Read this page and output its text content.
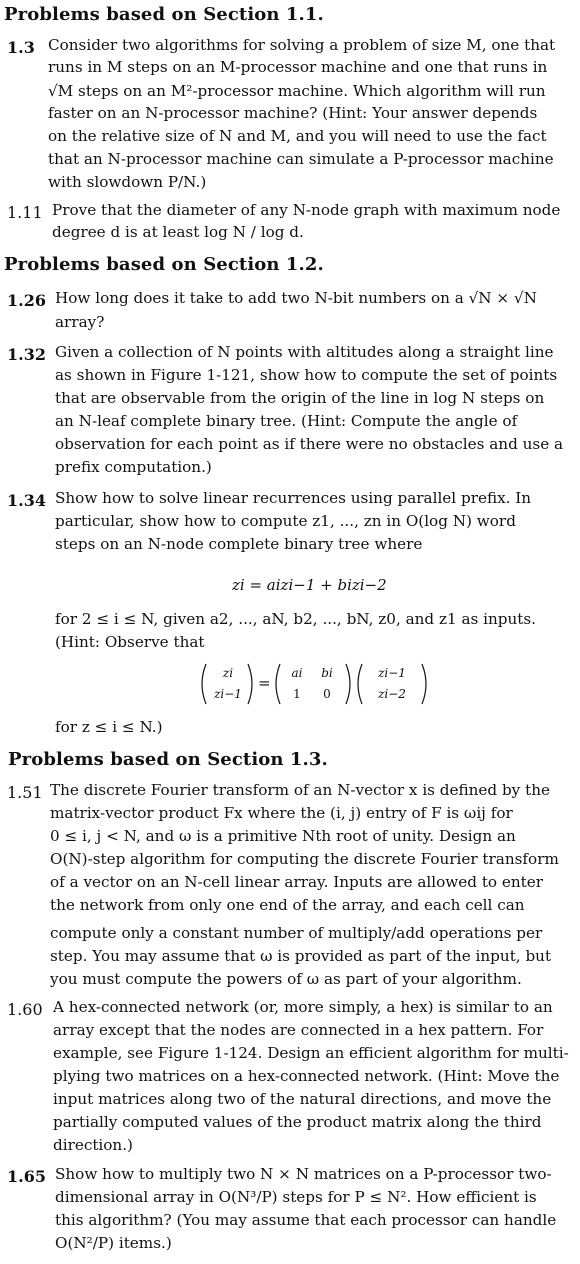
Problems based on Section 1.1.
1.3 Consider two algorithms for solving a problem of size M, one that
runs in M steps on an M-processor machine and one that runs in
√M steps on an M²-processor machine. Which algorithm will run
faster on an N-processor machine? (Hint: Your answer depends
on the relative size of N and M, and you will need to use the fact
that an N-processor machine can simulate a P-processor machine
with slowdown P/N.)
1.11 Prove that the diameter of any N-node graph with maximum node
degree d is at least log N / log d.
Problems based on Section 1.2.
1.26 How long does it take to add two N-bit numbers on a √N × √N
array?
1.32 Given a collection of N points with altitudes along a straight line
as shown in Figure 1-121, show how to compute the set of points
that are observable from the origin of the line in log N steps on
an N-leaf complete binary tree. (Hint: Compute the angle of
observation for each point as if there were no obstacles and use a
prefix computation.)
1.34 Show how to solve linear recurrences using parallel prefix. In
particular, show how to compute z1, ..., zn in O(log N) word
steps on an N-node complete binary tree where
zi = aizi−1 + bizi−2
for 2 ≤ i ≤ N, given a2, ..., aN, b2, ..., bN, z0, and z1 as inputs.
(Hint: Observe that
zi
zi−1
=
ai	bi
1	0
zi−1
zi−2
for z ≤ i ≤ N.)
Problems based on Section 1.3.
1.51 The discrete Fourier transform of an N-vector x is defined by the
matrix-vector product Fx where the (i, j) entry of F is ωij for
0 ≤ i, j < N, and ω is a primitive Nth root of unity. Design an
O(N)-step algorithm for computing the discrete Fourier transform
of a vector on an N-cell linear array. Inputs are allowed to enter
the network from only one end of the array, and each cell can
compute only a constant number of multiply/add operations per
step. You may assume that ω is provided as part of the input, but
you must compute the powers of ω as part of your algorithm.
1.60 A hex-connected network (or, more simply, a hex) is similar to an
array except that the nodes are connected in a hex pattern. For
example, see Figure 1-124. Design an efficient algorithm for multi-
plying two matrices on a hex-connected network. (Hint: Move the
input matrices along two of the natural directions, and move the
partially computed values of the product matrix along the third
direction.)
1.65 Show how to multiply two N × N matrices on a P-processor two-
dimensional array in O(N³/P) steps for P ≤ N². How efficient is
this algorithm? (You may assume that each processor can handle
O(N²/P) items.)
